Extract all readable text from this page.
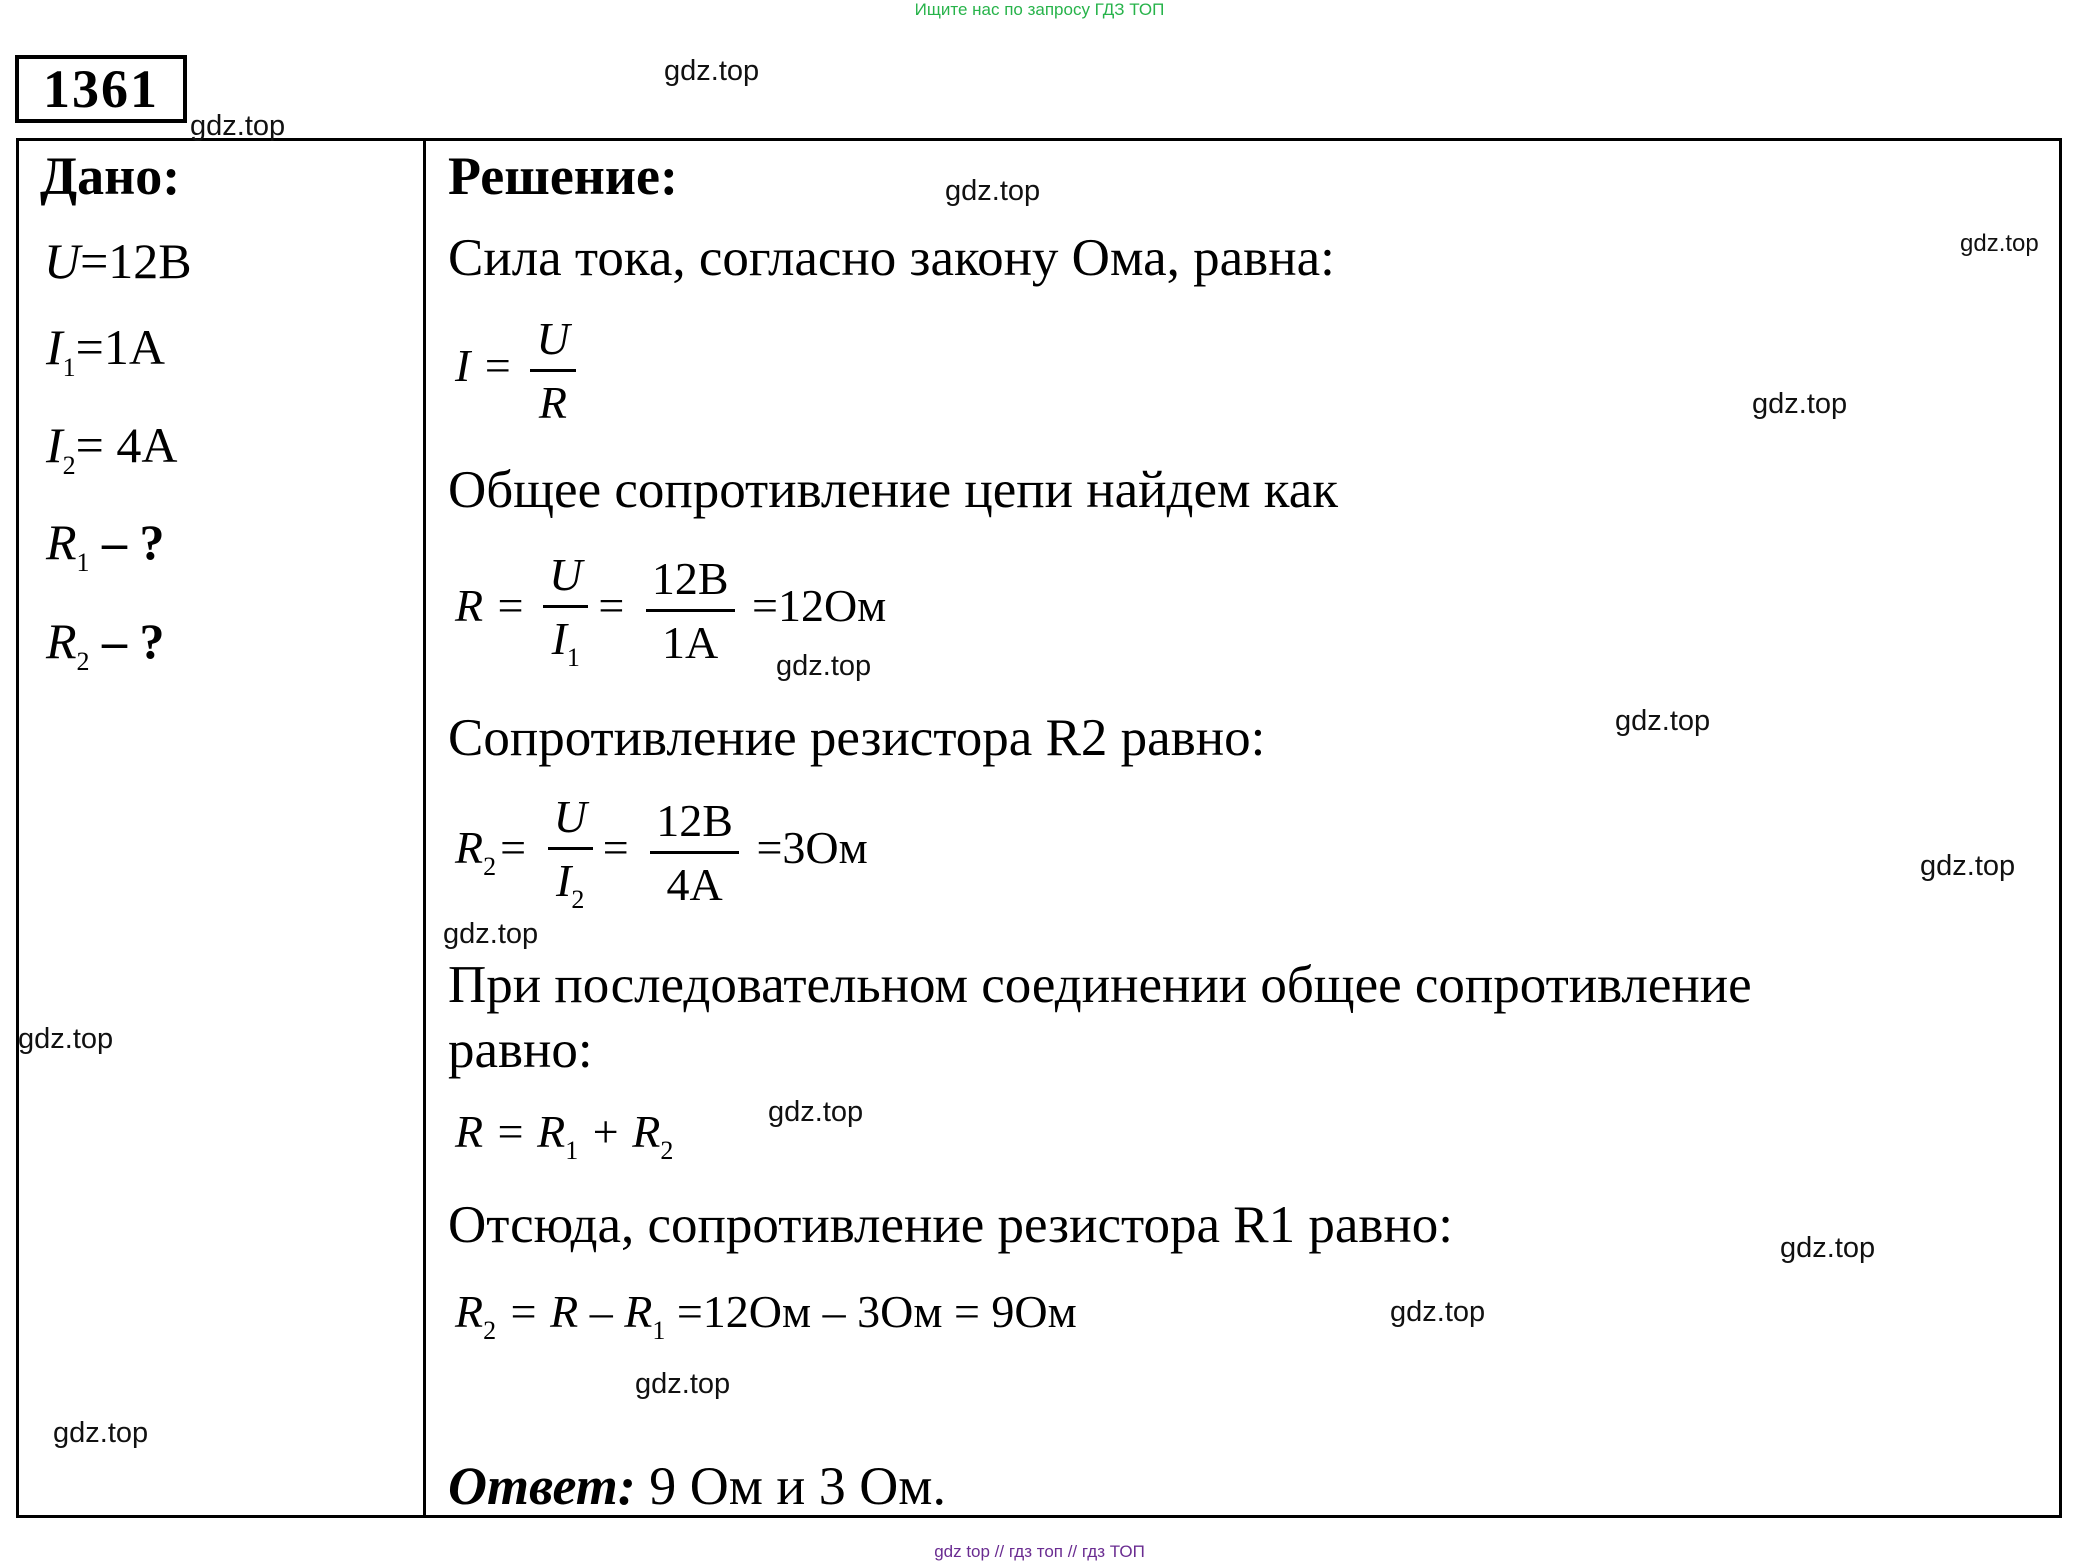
Ищите нас по запросу ГДЗ ТОП
1361
Дано:
U=12B
$I_1=1A$
$I_2= 4A$
$R_1$ – ?
$R_2$ – ?
Решение:
Сила тока, согласно закону Ома, равна:
$I = \frac{U}{R}$
Общее сопротивление цепи найдем как
$R = \frac{U}{I_1} = \frac{12B}{1A} =12Ом$
Сопротивление резистора R2 равно:
$R_2= \frac{U}{I_2} = \frac{12B}{4A} =3Ом$
При последовательном соединении общее сопротивление
равно:
$R = R_1 + R_2$
Отсюда, сопротивление резистора R1 равно:
$R_2 = R - R_1 =12Ом - 3Ом = 9Ом$
Ответ: 9 Ом и 3 Ом.
gdz.top
gdz.top
gdz.top
gdz.top
gdz.top
gdz.top
gdz.top
gdz.top
gdz.top
gdz.top
gdz.top
gdz.top
gdz.top
gdz.top
gdz.top
gdz top // гдз топ // гдз ТОП
